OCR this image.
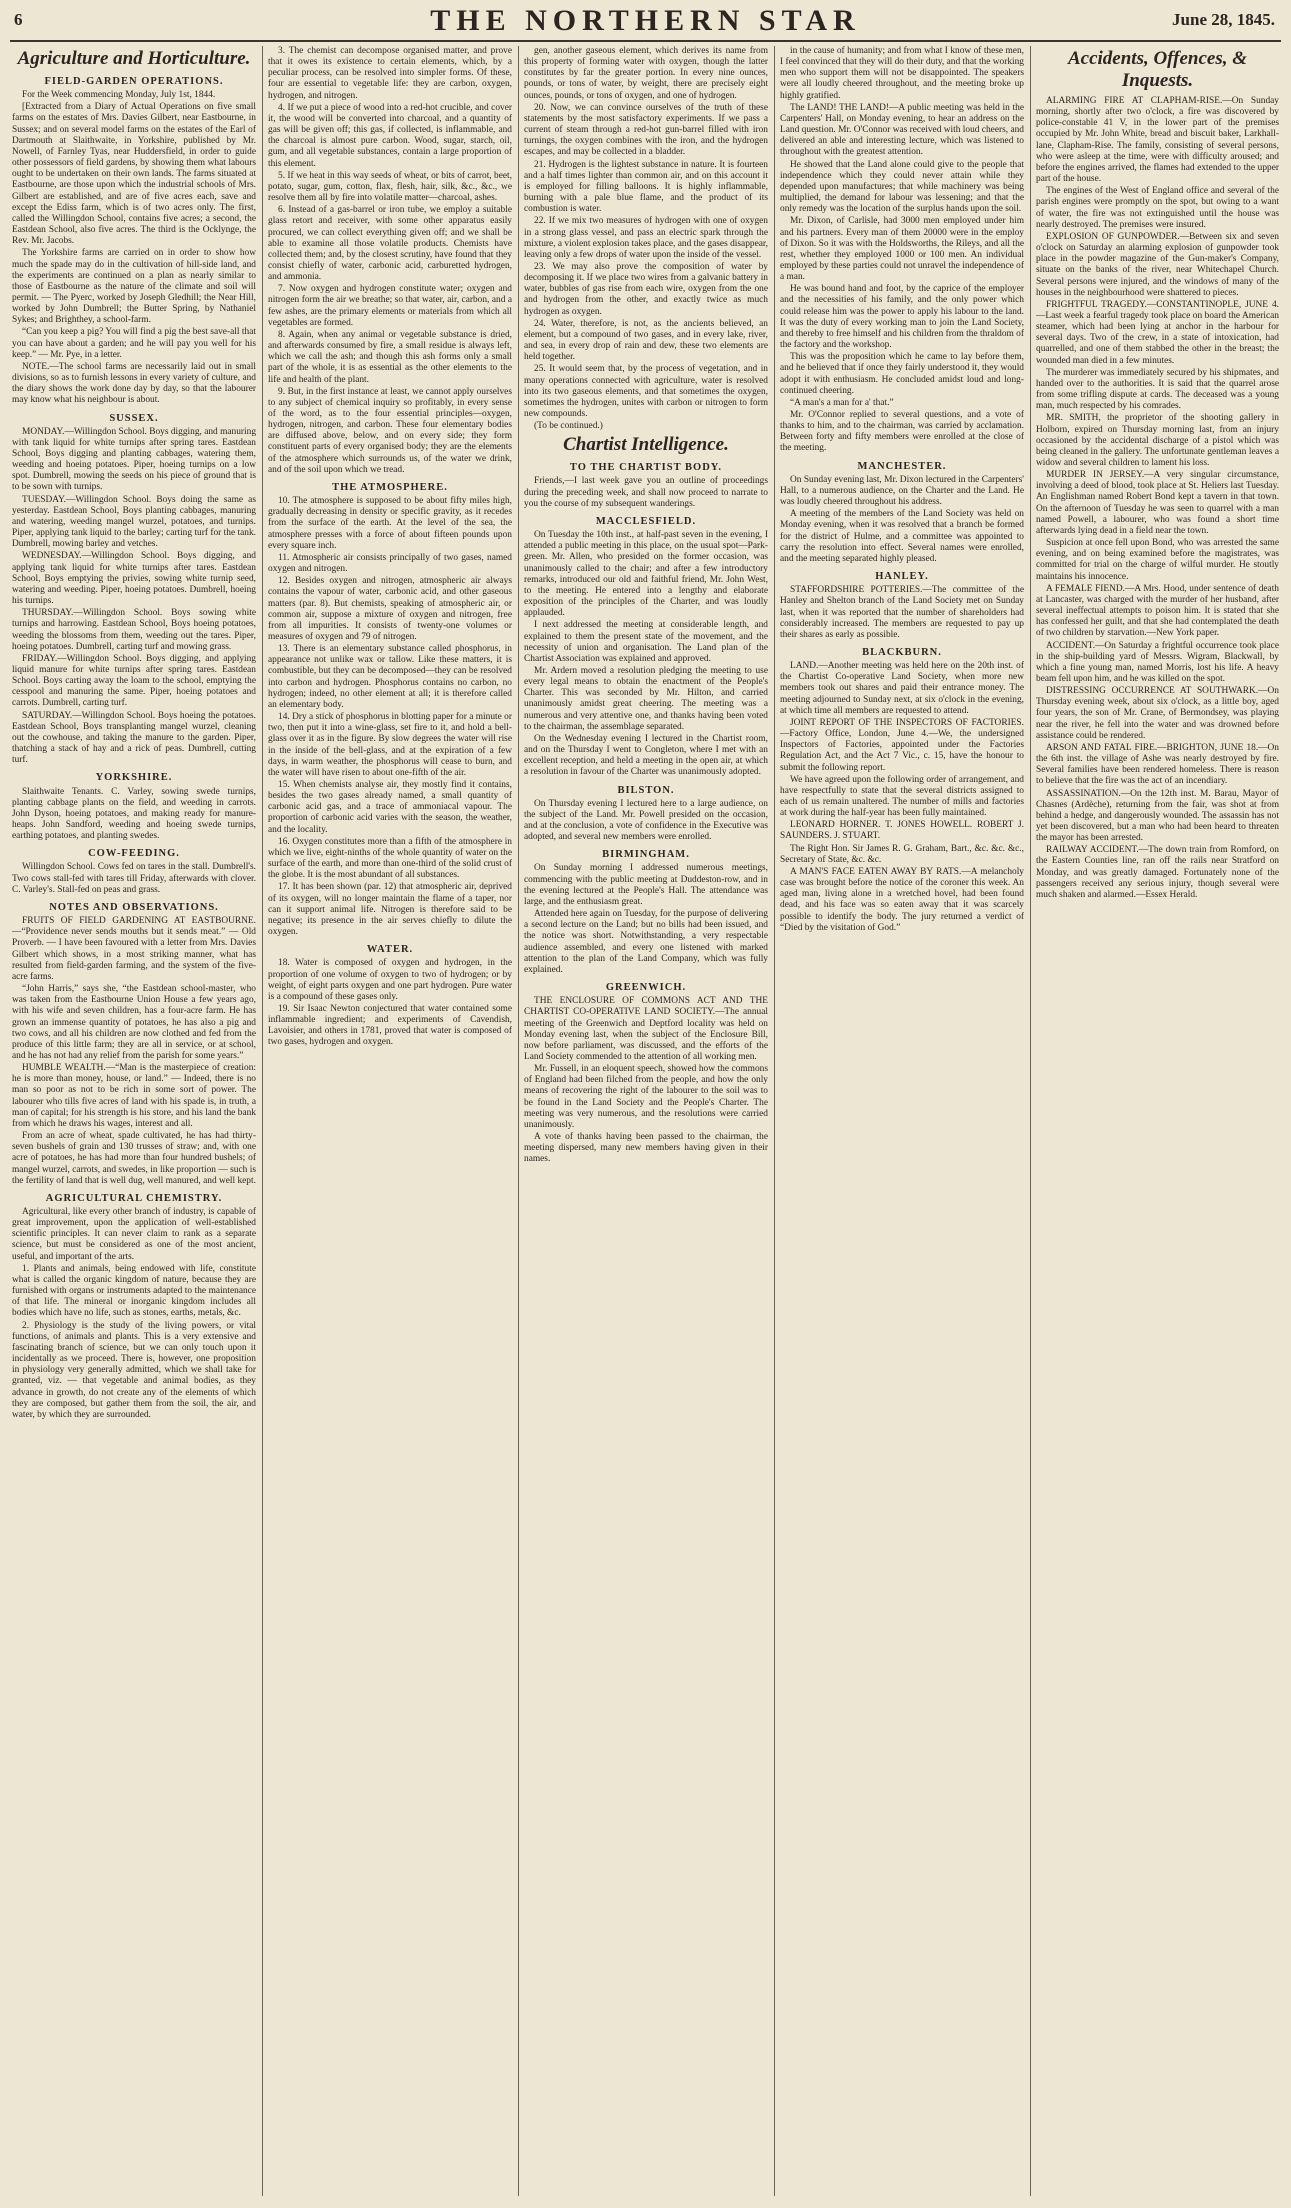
6	THE NORTHERN STAR	June 28, 1845.
Agriculture and Horticulture.
FIELD-GARDEN OPERATIONS.

For the Week commencing Monday, July 1st, 1844.

[Extracted from a Diary of Actual Operations on five small farms on the estates of Mrs. Davies Gilbert, near Eastbourne, in Sussex; and on several model farms on the estates of the Earl of Dartmouth at Slaithwaite, in Yorkshire, published by Mr. Nowell, of Farnley Tyas, near Huddersfield, in order to guide other possessors of field gardens, by showing them what labours ought to be undertaken on their own lands. The farms situated at Eastbourne, are those upon which the industrial schools of Mrs. Gilbert are established, and are of five acres each, save and except the Ediss farm, which is of two acres only. The first, called the Willingdon School, contains five acres; a second, the Eastdean School, also five acres. The third is the Ocklynge, the Rev. Mr. Jacobs.

The Yorkshire farms are carried on in order to show how much the spade may do in the cultivation of hill-side land, and the experiments are continued on a plan as nearly similar to those of Eastbourne as the nature of the climate and soil will permit. — The Pyerc, worked by Joseph Gledhill; the Near Hill, worked by John Dumbrell; the Butter Spring, by Nathaniel Sykes; and Brighthey, a school-farm.

“Can you keep a pig? You will find a pig the best save-all that you can have about a garden; and he will pay you well for his keep.” — Mr. Pye, in a letter.

NOTE.—The school farms are necessarily laid out in small divisions, so as to furnish lessons in every variety of culture, and the diary shows the work done day by day, so that the labourer may know what his neighbour is about.

SUSSEX.

MONDAY.—Willingdon School. Boys digging, and manuring with tank liquid for white turnips after spring tares. Eastdean School, Boys digging and planting cabbages, watering them, weeding and hoeing potatoes. Piper, hoeing turnips on a low spot. Dumbrell, mowing the seeds on his piece of ground that is to be sown with turnips.

TUESDAY.—Willingdon School. Boys doing the same as yesterday. Eastdean School, Boys planting cabbages, manuring and watering, weeding mangel wurzel, potatoes, and turnips. Piper, applying tank liquid to the barley; carting turf for the tank. Dumbrell, mowing barley and vetches.

WEDNESDAY.—Willingdon School. Boys digging, and applying tank liquid for white turnips after tares. Eastdean School, Boys emptying the privies, sowing white turnip seed, watering and weeding. Piper, hoeing potatoes. Dumbrell, hoeing his turnips.

THURSDAY.—Willingdon School. Boys sowing white turnips and harrowing. Eastdean School, Boys hoeing potatoes, weeding the blossoms from them, weeding out the tares. Piper, hoeing potatoes. Dumbrell, carting turf and mowing grass.

FRIDAY.—Willingdon School. Boys digging, and applying liquid manure for white turnips after spring tares. Eastdean School. Boys carting away the loam to the school, emptying the cesspool and manuring the same. Piper, hoeing potatoes and carrots. Dumbrell, carting turf.

SATURDAY.—Willingdon School. Boys hoeing the potatoes. Eastdean School, Boys transplanting mangel wurzel, cleaning out the cowhouse, and taking the manure to the garden. Piper, thatching a stack of hay and a rick of peas. Dumbrell, cutting turf.

YORKSHIRE.

Slaithwaite Tenants. C. Varley, sowing swede turnips, planting cabbage plants on the field, and weeding in carrots. John Dyson, hoeing potatoes, and making ready for manure-heaps. John Sandford, weeding and hoeing swede turnips, earthing potatoes, and planting swedes.

COW-FEEDING.

Willingdon School. Cows fed on tares in the stall. Dumbrell's. Two cows stall-fed with tares till Friday, afterwards with clover. C. Varley's. Stall-fed on peas and grass.

NOTES AND OBSERVATIONS.

FRUITS OF FIELD GARDENING AT EASTBOURNE.—“Providence never sends mouths but it sends meat.” — Old Proverb. — I have been favoured with a letter from Mrs. Davies Gilbert which shows, in a most striking manner, what has resulted from field-garden farming, and the system of the five-acre farms.

“John Harris,” says she, “the Eastdean school-master, who was taken from the Eastbourne Union House a few years ago, with his wife and seven children, has a four-acre farm. He has grown an immense quantity of potatoes, he has also a pig and two cows, and all his children are now clothed and fed from the produce of this little farm; they are all in service, or at school, and he has not had any relief from the parish for some years.”

HUMBLE WEALTH.—“Man is the masterpiece of creation: he is more than money, house, or land.” — Indeed, there is no man so poor as not to be rich in some sort of power. The labourer who tills five acres of land with his spade is, in truth, a man of capital; for his strength is his store, and his land the bank from which he draws his wages, interest and all.

From an acre of wheat, spade cultivated, he has had thirty-seven bushels of grain and 130 trusses of straw; and, with one acre of potatoes, he has had more than four hundred bushels; of mangel wurzel, carrots, and swedes, in like proportion — such is the fertility of land that is well dug, well manured, and well kept.

AGRICULTURAL CHEMISTRY.

Agricultural, like every other branch of industry, is capable of great improvement, upon the application of well-established scientific principles. It can never claim to rank as a separate science, but must be considered as one of the most ancient, useful, and important of the arts.

1. Plants and animals, being endowed with life, constitute what is called the organic kingdom of nature, because they are furnished with organs or instruments adapted to the maintenance of that life. The mineral or inorganic kingdom includes all bodies which have no life, such as stones, earths, metals, &c.

2. Physiology is the study of the living powers, or vital functions, of animals and plants. This is a very extensive and fascinating branch of science, but we can only touch upon it incidentally as we proceed. There is, however, one proposition in physiology very generally admitted, which we shall take for granted, viz. — that vegetable and animal bodies, as they advance in growth, do not create any of the elements of which they are composed, but gather them from the soil, the air, and water, by which they are surrounded.

3. The chemist can decompose organised matter, and prove that it owes its existence to certain elements, which, by a peculiar process, can be resolved into simpler forms. Of these, four are essential to vegetable life: they are carbon, oxygen, hydrogen, and nitrogen.

4. If we put a piece of wood into a red-hot crucible, and cover it, the wood will be converted into charcoal, and a quantity of gas will be given off; this gas, if collected, is inflammable, and the charcoal is almost pure carbon. Wood, sugar, starch, oil, gum, and all vegetable substances, contain a large proportion of this element.

5. If we heat in this way seeds of wheat, or bits of carrot, beet, potato, sugar, gum, cotton, flax, flesh, hair, silk, &c., &c., we resolve them all by fire into volatile matter—charcoal, ashes.

6. Instead of a gas-barrel or iron tube, we employ a suitable glass retort and receiver, with some other apparatus easily procured, we can collect everything given off; and we shall be able to examine all those volatile products. Chemists have collected them; and, by the closest scrutiny, have found that they consist chiefly of water, carbonic acid, carburetted hydrogen, and ammonia.

7. Now oxygen and hydrogen constitute water; oxygen and nitrogen form the air we breathe; so that water, air, carbon, and a few ashes, are the primary elements or materials from which all vegetables are formed.

8. Again, when any animal or vegetable substance is dried, and afterwards consumed by fire, a small residue is always left, which we call the ash; and though this ash forms only a small part of the whole, it is as essential as the other elements to the life and health of the plant.

9. But, in the first instance at least, we cannot apply ourselves to any subject of chemical inquiry so profitably, in every sense of the word, as to the four essential principles—oxygen, hydrogen, nitrogen, and carbon. These four elementary bodies are diffused above, below, and on every side; they form constituent parts of every organised body; they are the elements of the atmosphere which surrounds us, of the water we drink, and of the soil upon which we tread.

THE ATMOSPHERE.

10. The atmosphere is supposed to be about fifty miles high, gradually decreasing in density or specific gravity, as it recedes from the surface of the earth. At the level of the sea, the atmosphere presses with a force of about fifteen pounds upon every square inch.

11. Atmospheric air consists principally of two gases, named oxygen and nitrogen.

12. Besides oxygen and nitrogen, atmospheric air always contains the vapour of water, carbonic acid, and other gaseous matters (par. 8). But chemists, speaking of atmospheric air, or common air, suppose a mixture of oxygen and nitrogen, free from all impurities. It consists of twenty-one volumes or measures of oxygen and 79 of nitrogen.

13. There is an elementary substance called phosphorus, in appearance not unlike wax or tallow. Like these matters, it is combustible, but they can be decomposed—they can be resolved into carbon and hydrogen. Phosphorus contains no carbon, no hydrogen; indeed, no other element at all; it is therefore called an elementary body.

14. Dry a stick of phosphorus in blotting paper for a minute or two, then put it into a wine-glass, set fire to it, and hold a bell-glass over it as in the figure. By slow degrees the water will rise in the inside of the bell-glass, and at the expiration of a few days, in warm weather, the phosphorus will cease to burn, and the water will have risen to about one-fifth of the air.

15. When chemists analyse air, they mostly find it contains, besides the two gases already named, a small quantity of carbonic acid gas, and a trace of ammoniacal vapour. The proportion of carbonic acid varies with the season, the weather, and the locality.

16. Oxygen constitutes more than a fifth of the atmosphere in which we live, eight-ninths of the whole quantity of water on the surface of the earth, and more than one-third of the solid crust of the globe. It is the most abundant of all substances.

17. It has been shown (par. 12) that atmospheric air, deprived of its oxygen, will no longer maintain the flame of a taper, nor can it support animal life. Nitrogen is therefore said to be negative; its presence in the air serves chiefly to dilute the oxygen.

WATER.

18. Water is composed of oxygen and hydrogen, in the proportion of one volume of oxygen to two of hydrogen; or by weight, of eight parts oxygen and one part hydrogen. Pure water is a compound of these gases only.

19. Sir Isaac Newton conjectured that water contained some inflammable ingredient; and experiments of Cavendish, Lavoisier, and others in 1781, proved that water is composed of two gases, hydrogen and oxygen.

gen, another gaseous element, which derives its name from this property of forming water with oxygen, though the latter constitutes by far the greater portion. In every nine ounces, pounds, or tons of water, by weight, there are precisely eight ounces, pounds, or tons of oxygen, and one of hydrogen.

20. Now, we can convince ourselves of the truth of these statements by the most satisfactory experiments. If we pass a current of steam through a red-hot gun-barrel filled with iron turnings, the oxygen combines with the iron, and the hydrogen escapes, and may be collected in a bladder.

21. Hydrogen is the lightest substance in nature. It is fourteen and a half times lighter than common air, and on this account it is employed for filling balloons. It is highly inflammable, burning with a pale blue flame, and the product of its combustion is water.

22. If we mix two measures of hydrogen with one of oxygen in a strong glass vessel, and pass an electric spark through the mixture, a violent explosion takes place, and the gases disappear, leaving only a few drops of water upon the inside of the vessel.

23. We may also prove the composition of water by decomposing it. If we place two wires from a galvanic battery in water, bubbles of gas rise from each wire, oxygen from the one and hydrogen from the other, and exactly twice as much hydrogen as oxygen.

24. Water, therefore, is not, as the ancients believed, an element, but a compound of two gases, and in every lake, river, and sea, in every drop of rain and dew, these two elements are held together.

25. It would seem that, by the process of vegetation, and in many operations connected with agriculture, water is resolved into its two gaseous elements, and that sometimes the oxygen, sometimes the hydrogen, unites with carbon or nitrogen to form new compounds.

(To be continued.)

Chartist Intelligence.
TO THE CHARTIST BODY.

Friends,—I last week gave you an outline of proceedings during the preceding week, and shall now proceed to narrate to you the course of my subsequent wanderings.

MACCLESFIELD.

On Tuesday the 10th inst., at half-past seven in the evening, I attended a public meeting in this place, on the usual spot—Park-green. Mr. Allen, who presided on the former occasion, was unanimously called to the chair; and after a few introductory remarks, introduced our old and faithful friend, Mr. John West, to the meeting. He entered into a lengthy and elaborate exposition of the principles of the Charter, and was loudly applauded.

I next addressed the meeting at considerable length, and explained to them the present state of the movement, and the necessity of union and organisation. The Land plan of the Chartist Association was explained and approved.

Mr. Ardern moved a resolution pledging the meeting to use every legal means to obtain the enactment of the People's Charter. This was seconded by Mr. Hilton, and carried unanimously amidst great cheering. The meeting was a numerous and very attentive one, and thanks having been voted to the chairman, the assemblage separated.

On the Wednesday evening I lectured in the Chartist room, and on the Thursday I went to Congleton, where I met with an excellent reception, and held a meeting in the open air, at which a resolution in favour of the Charter was unanimously adopted.

BILSTON.

On Thursday evening I lectured here to a large audience, on the subject of the Land. Mr. Powell presided on the occasion, and at the conclusion, a vote of confidence in the Executive was adopted, and several new members were enrolled.

BIRMINGHAM.

On Sunday morning I addressed numerous meetings, commencing with the public meeting at Duddeston-row, and in the evening lectured at the People's Hall. The attendance was large, and the enthusiasm great.

Attended here again on Tuesday, for the purpose of delivering a second lecture on the Land; but no bills had been issued, and the notice was short. Notwithstanding, a very respectable audience assembled, and every one listened with marked attention to the plan of the Land Company, which was fully explained.

GREENWICH.

THE ENCLOSURE OF COMMONS ACT AND THE CHARTIST CO-OPERATIVE LAND SOCIETY.—The annual meeting of the Greenwich and Deptford locality was held on Monday evening last, when the subject of the Enclosure Bill, now before parliament, was discussed, and the efforts of the Land Society commended to the attention of all working men.

Mr. Fussell, in an eloquent speech, showed how the commons of England had been filched from the people, and how the only means of recovering the right of the labourer to the soil was to be found in the Land Society and the People's Charter. The meeting was very numerous, and the resolutions were carried unanimously.

A vote of thanks having been passed to the chairman, the meeting dispersed, many new members having given in their names.

in the cause of humanity; and from what I know of these men, I feel convinced that they will do their duty, and that the working men who support them will not be disappointed. The speakers were all loudly cheered throughout, and the meeting broke up highly gratified.

The LAND! THE LAND!—A public meeting was held in the Carpenters' Hall, on Monday evening, to hear an address on the Land question. Mr. O'Connor was received with loud cheers, and delivered an able and interesting lecture, which was listened to throughout with the greatest attention.

He showed that the Land alone could give to the people that independence which they could never attain while they depended upon manufactures; that while machinery was being multiplied, the demand for labour was lessening; and that the only remedy was the location of the surplus hands upon the soil.

Mr. Dixon, of Carlisle, had 3000 men employed under him and his partners. Every man of them 20000 were in the employ of Dixon. So it was with the Holdsworths, the Rileys, and all the rest, whether they employed 1000 or 100 men. An individual employed by these parties could not unravel the independence of a man.

He was bound hand and foot, by the caprice of the employer and the necessities of his family, and the only power which could release him was the power to apply his labour to the land. It was the duty of every working man to join the Land Society, and thereby to free himself and his children from the thraldom of the factory and the workshop.

This was the proposition which he came to lay before them, and he believed that if once they fairly understood it, they would adopt it with enthusiasm. He concluded amidst loud and long-continued cheering.

“A man's a man for a' that.”

Mr. O'Connor replied to several questions, and a vote of thanks to him, and to the chairman, was carried by acclamation. Between forty and fifty members were enrolled at the close of the meeting.

MANCHESTER.

On Sunday evening last, Mr. Dixon lectured in the Carpenters' Hall, to a numerous audience, on the Charter and the Land. He was loudly cheered throughout his address.

A meeting of the members of the Land Society was held on Monday evening, when it was resolved that a branch be formed for the district of Hulme, and a committee was appointed to carry the resolution into effect. Several names were enrolled, and the meeting separated highly pleased.

HANLEY.

STAFFORDSHIRE POTTERIES.—The committee of the Hanley and Shelton branch of the Land Society met on Sunday last, when it was reported that the number of shareholders had considerably increased. The members are requested to pay up their shares as early as possible.

BLACKBURN.

LAND.—Another meeting was held here on the 20th inst. of the Chartist Co-operative Land Society, when more new members took out shares and paid their entrance money. The meeting adjourned to Sunday next, at six o'clock in the evening, at which time all members are requested to attend.

JOINT REPORT OF THE INSPECTORS OF FACTORIES.—Factory Office, London, June 4.—We, the undersigned Inspectors of Factories, appointed under the Factories Regulation Act, and the Act 7 Vic., c. 15, have the honour to submit the following report.

We have agreed upon the following order of arrangement, and have respectfully to state that the several districts assigned to each of us remain unaltered. The number of mills and factories at work during the half-year has been fully maintained.

LEONARD HORNER. T. JONES HOWELL. ROBERT J. SAUNDERS. J. STUART.

The Right Hon. Sir James R. G. Graham, Bart., &c. &c. &c., Secretary of State, &c. &c.

A MAN'S FACE EATEN AWAY BY RATS.—A melancholy case was brought before the notice of the coroner this week. An aged man, living alone in a wretched hovel, had been found dead, and his face was so eaten away that it was scarcely possible to identify the body. The jury returned a verdict of “Died by the visitation of God.”

Accidents, Offences, & Inquests.

ALARMING FIRE AT CLAPHAM-RISE.—On Sunday morning, shortly after two o'clock, a fire was discovered by police-constable 41 V, in the lower part of the premises occupied by Mr. John White, bread and biscuit baker, Larkhall-lane, Clapham-Rise. The family, consisting of several persons, who were asleep at the time, were with difficulty aroused; and before the engines arrived, the flames had extended to the upper part of the house.

The engines of the West of England office and several of the parish engines were promptly on the spot, but owing to a want of water, the fire was not extinguished until the house was nearly destroyed. The premises were insured.

EXPLOSION OF GUNPOWDER.—Between six and seven o'clock on Saturday an alarming explosion of gunpowder took place in the powder magazine of the Gun-maker's Company, situate on the banks of the river, near Whitechapel Church. Several persons were injured, and the windows of many of the houses in the neighbourhood were shattered to pieces.

FRIGHTFUL TRAGEDY.—CONSTANTINOPLE, JUNE 4.—Last week a fearful tragedy took place on board the American steamer, which had been lying at anchor in the harbour for several days. Two of the crew, in a state of intoxication, had quarrelled, and one of them stabbed the other in the breast; the wounded man died in a few minutes.

The murderer was immediately secured by his shipmates, and handed over to the authorities. It is said that the quarrel arose from some trifling dispute at cards. The deceased was a young man, much respected by his comrades.

MR. SMITH, the proprietor of the shooting gallery in Holborn, expired on Thursday morning last, from an injury occasioned by the accidental discharge of a pistol which was being cleaned in the gallery. The unfortunate gentleman leaves a widow and several children to lament his loss.

MURDER IN JERSEY.—A very singular circumstance, involving a deed of blood, took place at St. Heliers last Tuesday. An Englishman named Robert Bond kept a tavern in that town. On the afternoon of Tuesday he was seen to quarrel with a man named Powell, a labourer, who was found a short time afterwards lying dead in a field near the town.

Suspicion at once fell upon Bond, who was arrested the same evening, and on being examined before the magistrates, was committed for trial on the charge of wilful murder. He stoutly maintains his innocence.

A FEMALE FIEND.—A Mrs. Hood, under sentence of death at Lancaster, was charged with the murder of her husband, after several ineffectual attempts to poison him. It is stated that she has confessed her guilt, and that she had contemplated the death of two children by starvation.—New York paper.

ACCIDENT.—On Saturday a frightful occurrence took place in the ship-building yard of Messrs. Wigram, Blackwall, by which a fine young man, named Morris, lost his life. A heavy beam fell upon him, and he was killed on the spot.

DISTRESSING OCCURRENCE AT SOUTHWARK.—On Thursday evening week, about six o'clock, as a little boy, aged four years, the son of Mr. Crane, of Bermondsey, was playing near the river, he fell into the water and was drowned before assistance could be rendered.

ARSON AND FATAL FIRE.—BRIGHTON, JUNE 18.—On the 6th inst. the village of Ashe was nearly destroyed by fire. Several families have been rendered homeless. There is reason to believe that the fire was the act of an incendiary.

ASSASSINATION.—On the 12th inst. M. Barau, Mayor of Chasnes (Ardèche), returning from the fair, was shot at from behind a hedge, and dangerously wounded. The assassin has not yet been discovered, but a man who had been heard to threaten the mayor has been arrested.

RAILWAY ACCIDENT.—The down train from Romford, on the Eastern Counties line, ran off the rails near Stratford on Monday, and was greatly damaged. Fortunately none of the passengers received any serious injury, though several were much shaken and alarmed.—Essex Herald.
